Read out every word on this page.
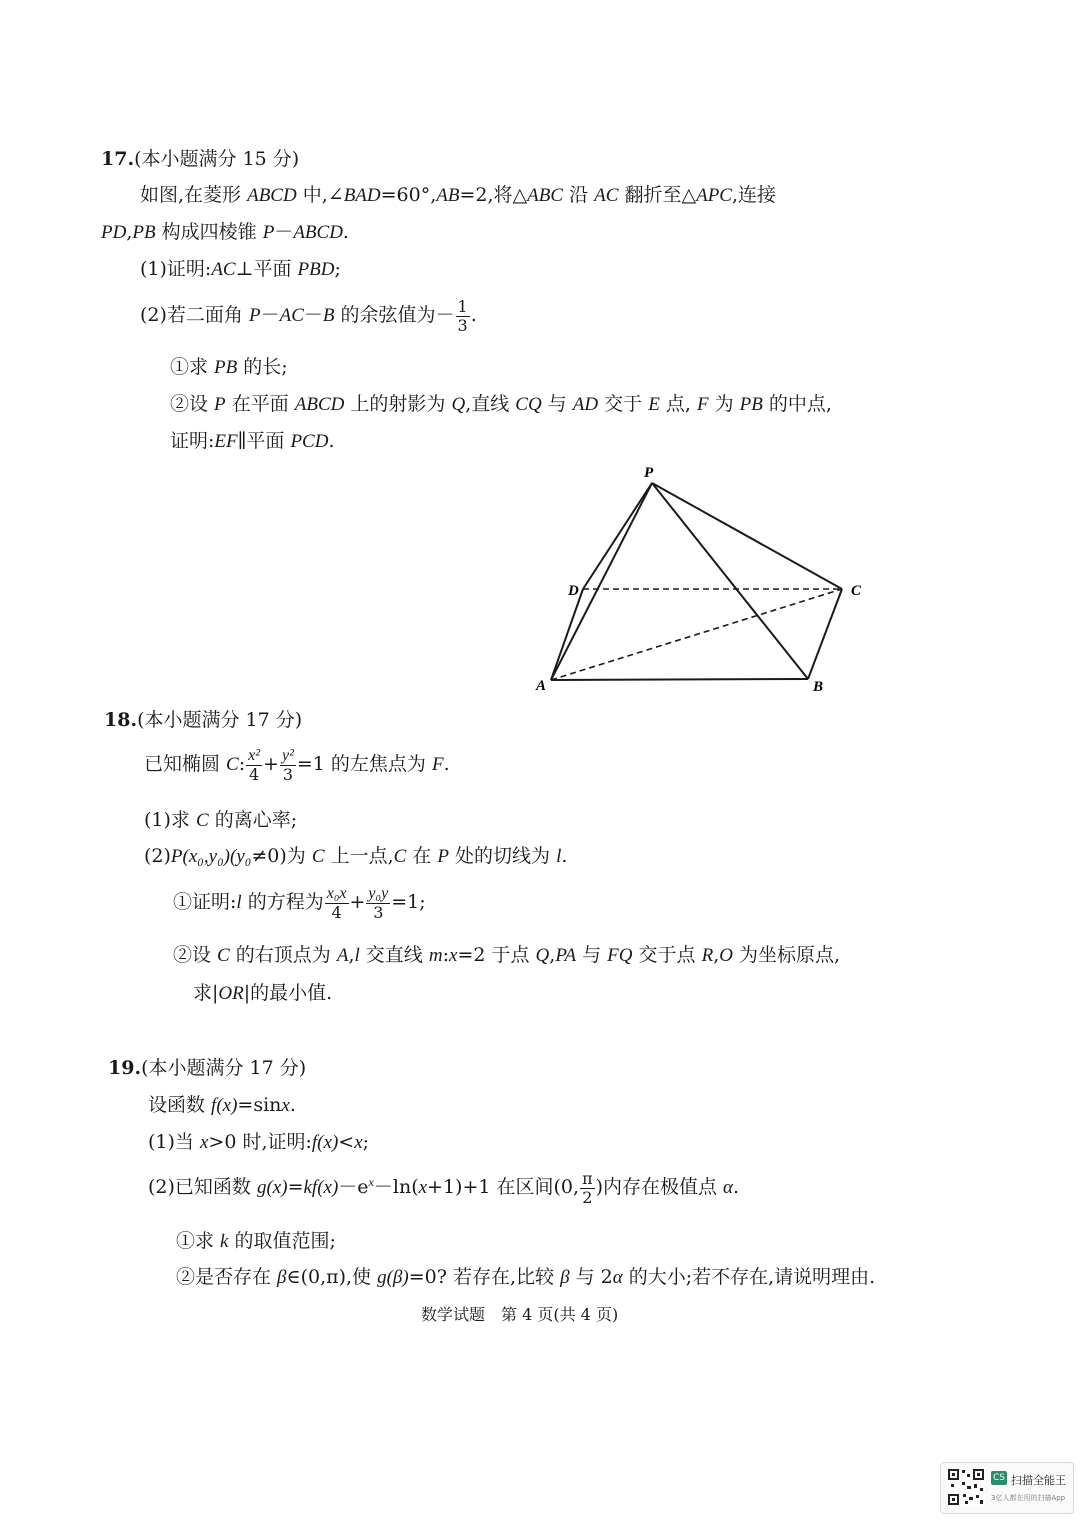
17.(本小题满分 15 分)
如图,在菱形 ABCD 中,∠BAD=60°,AB=2,将△ABC 沿 AC 翻折至△APC,连接
PD,PB 构成四棱锥 P－ABCD.
(1)证明:AC⊥平面 PBD;
(2)若二面角 P－AC－B 的余弦值为－ $\frac{1}{3}$ .
①求 PB 的长;
②设 P 在平面 ABCD 上的射影为 Q,直线 CQ 与 AD 交于 E 点, F 为 PB 的中点,
证明:EF∥平面 PCD.
P
D	C
A	B
18.(本小题满分 17 分)
已知椭圆 C: $\frac{\text{x²}}{4} + \frac{\text{y²}}{3} =1$ 的左焦点为 F.
(1)求 C 的离心率;
(2)P(x₀,y₀)(y₀≠0)为 C 上一点,C 在 P 处的切线为 l.
①证明:l 的方程为 $\frac{\text{x₀x}}{4} + \frac{\text{y₀y}}{3} =1$;
②设 C 的右顶点为 A,l 交直线 m:x=2 于点 Q,PA 与 FQ 交于点 R,O 为坐标原点,
求|OR|的最小值.
19.(本小题满分 17 分)
设函数 f(x)=sinx.
(1)当 x>0 时,证明:f(x)<x;
(2)已知函数 $g(x)=kf(x)-e^x-\ln(x+1)+1$ 在区间(0, $\frac{\pi}{2}$ )内存在极值点 α.
①求 k 的取值范围;
②是否存在 β∈(0,π),使 g(β)=0? 若存在,比较 β 与 2α 的大小;若不存在,请说明理由.
数学试题　第 4 页(共 4 页)
CS 扫描全能王
3亿人都在用的扫描App
